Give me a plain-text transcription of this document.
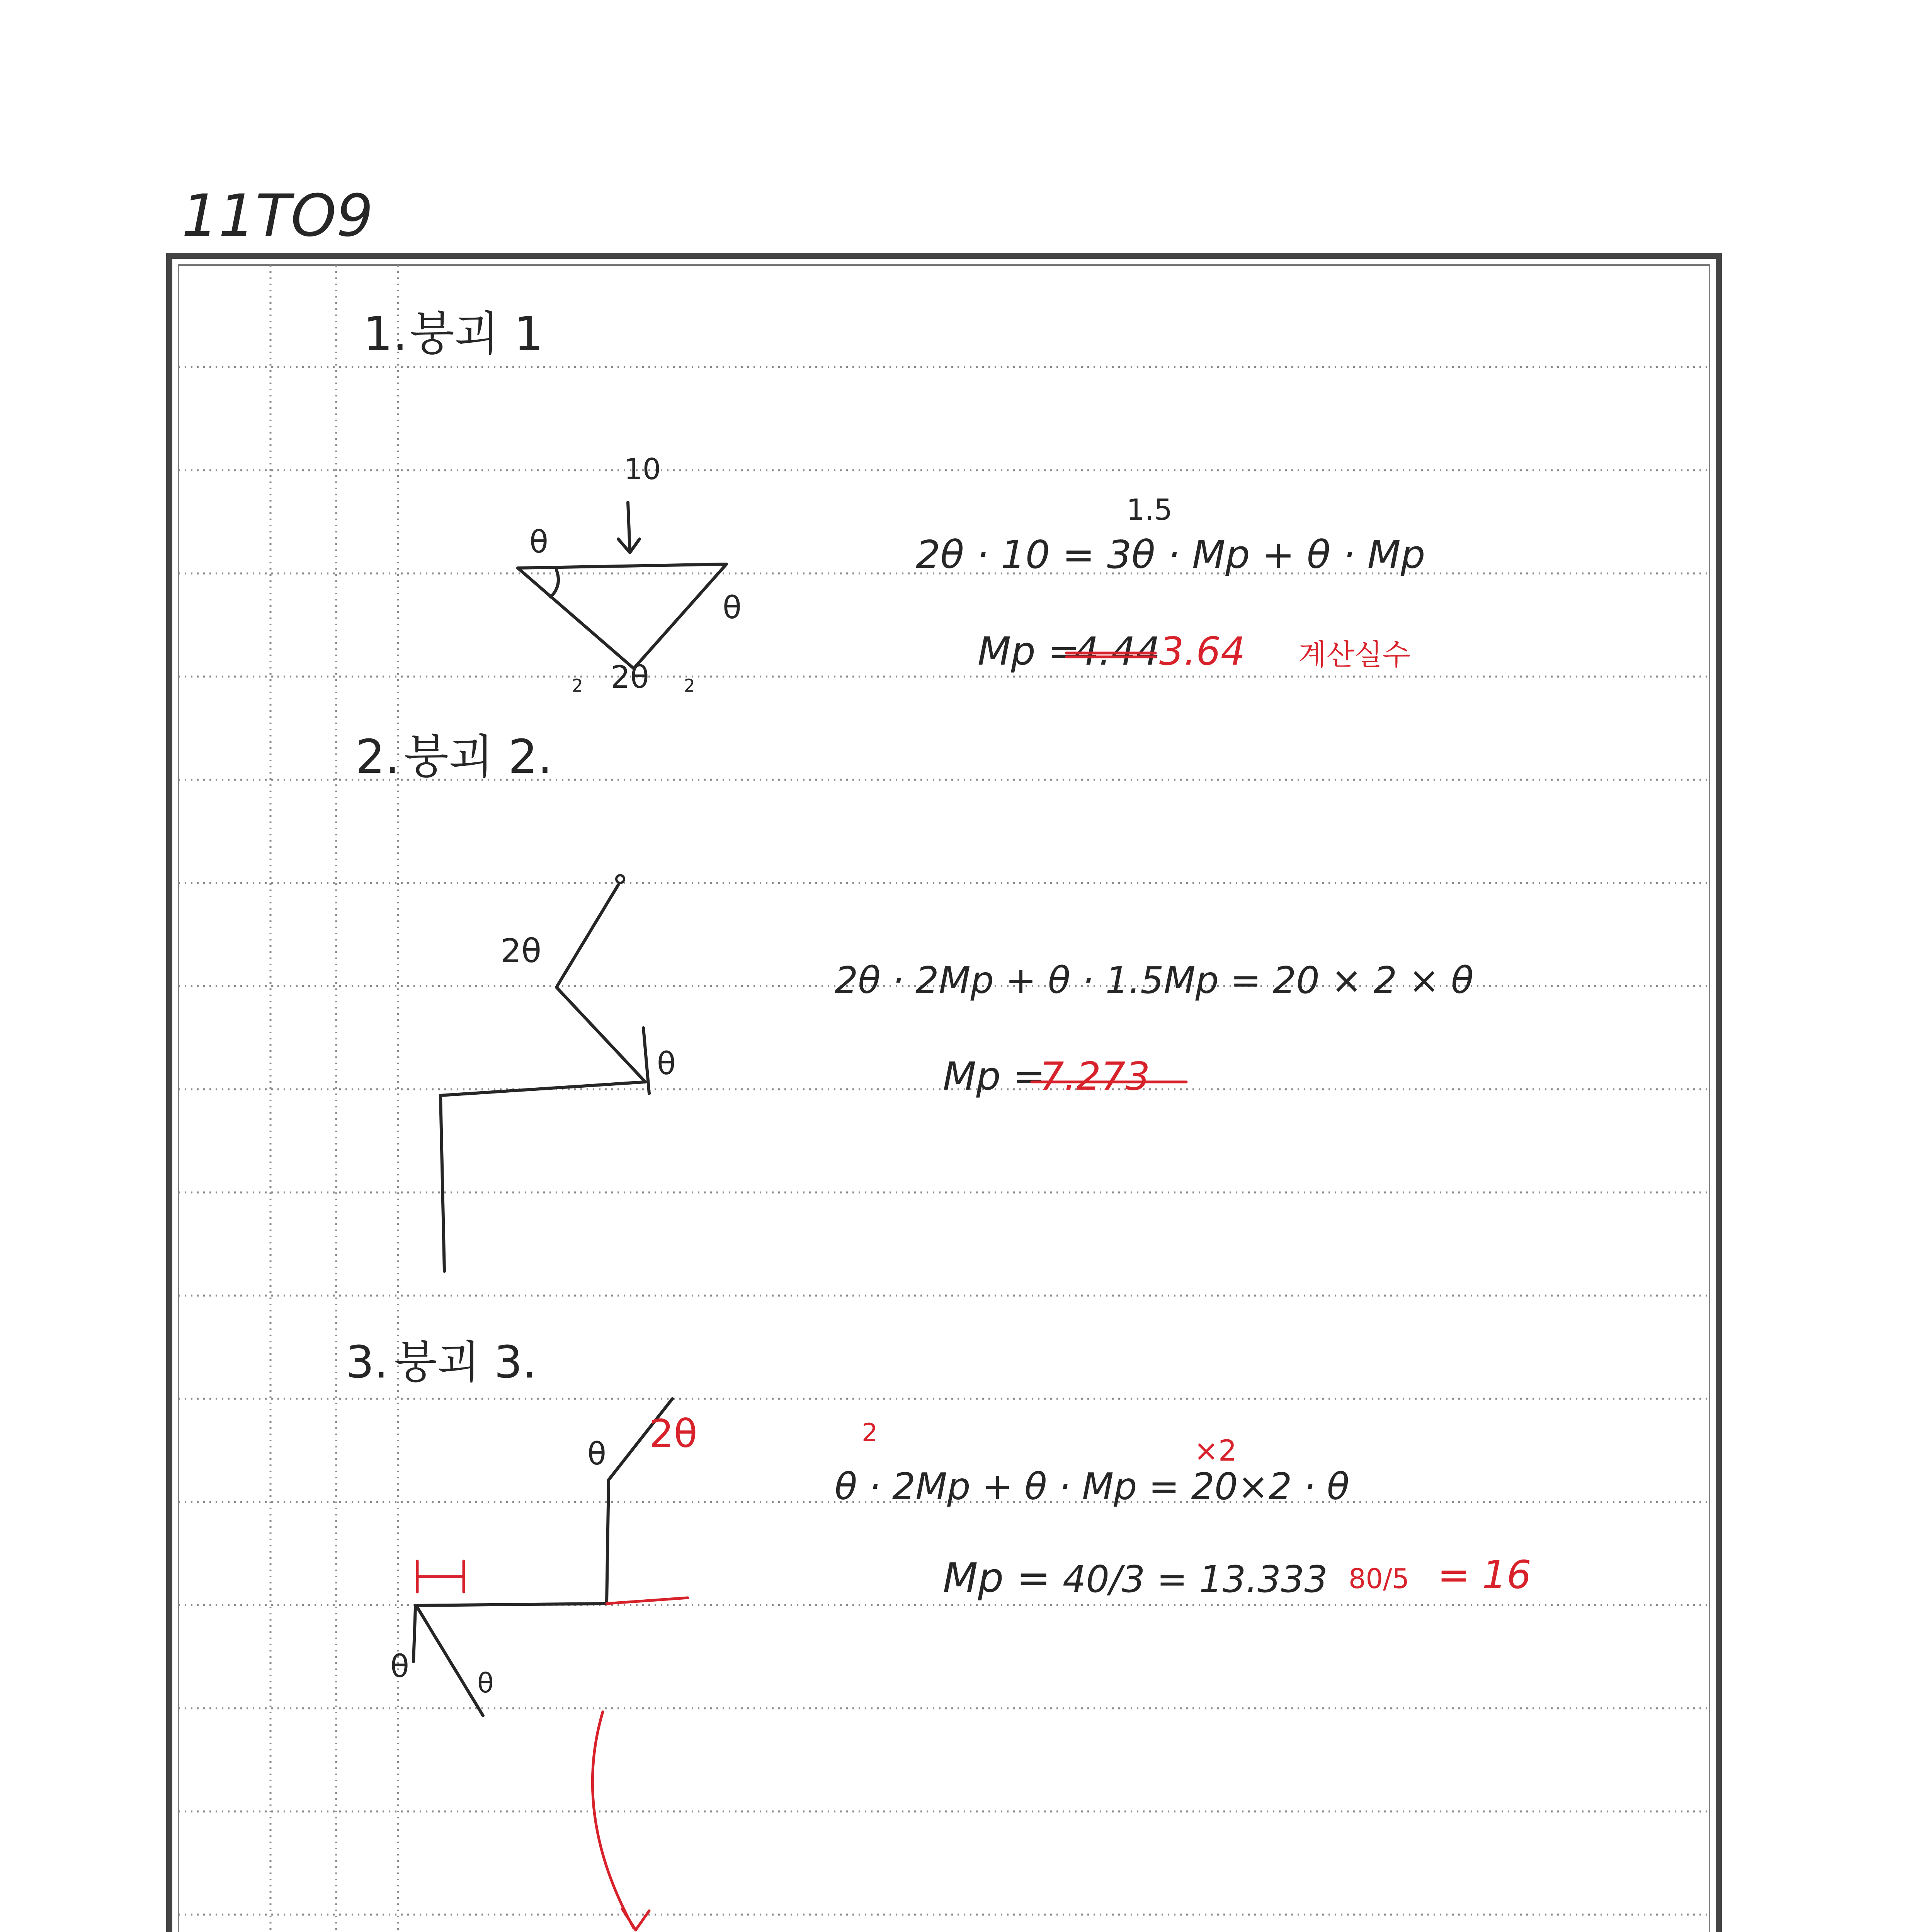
11TO9
1. 붕괴 1
10
θ
θ
2θ
2	2
1.5
2θ · 10 = 3θ · Mp + θ · Mp
Mp =
4.44
3.64 계산실수
2. 붕괴 2.
2θ
θ
2θ · 2Mp + θ · 1.5Mp = 20 × 2 × θ
Mp =
7.273
3. 붕괴 3.
θ 2θ
θ	θ
2
×2
θ · 2Mp + θ · Mp = 20×2 · θ
Mp = 40/3 = 13.333 80/5 = 16
